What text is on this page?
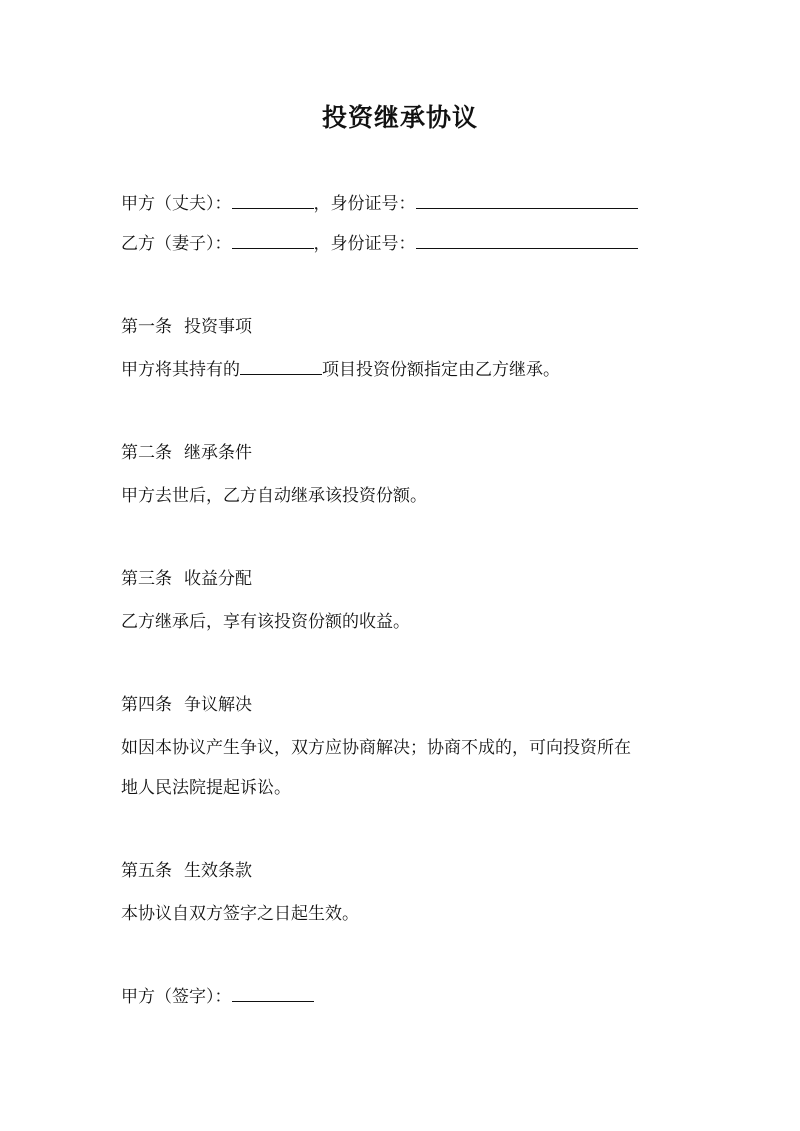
投资继承协议
甲方（丈夫）：	，身份证号：
乙方（妻子）：	，身份证号：
第一条 投资事项
甲方将其持有的	项目投资份额指定由乙方继承。
第二条 继承条件
甲方去世后，乙方自动继承该投资份额。
第三条 收益分配
乙方继承后，享有该投资份额的收益。
第四条 争议解决
如因本协议产生争议，双方应协商解决；协商不成的，可向投资所在
地人民法院提起诉讼。
第五条 生效条款
本协议自双方签字之日起生效。
甲方（签字）：
